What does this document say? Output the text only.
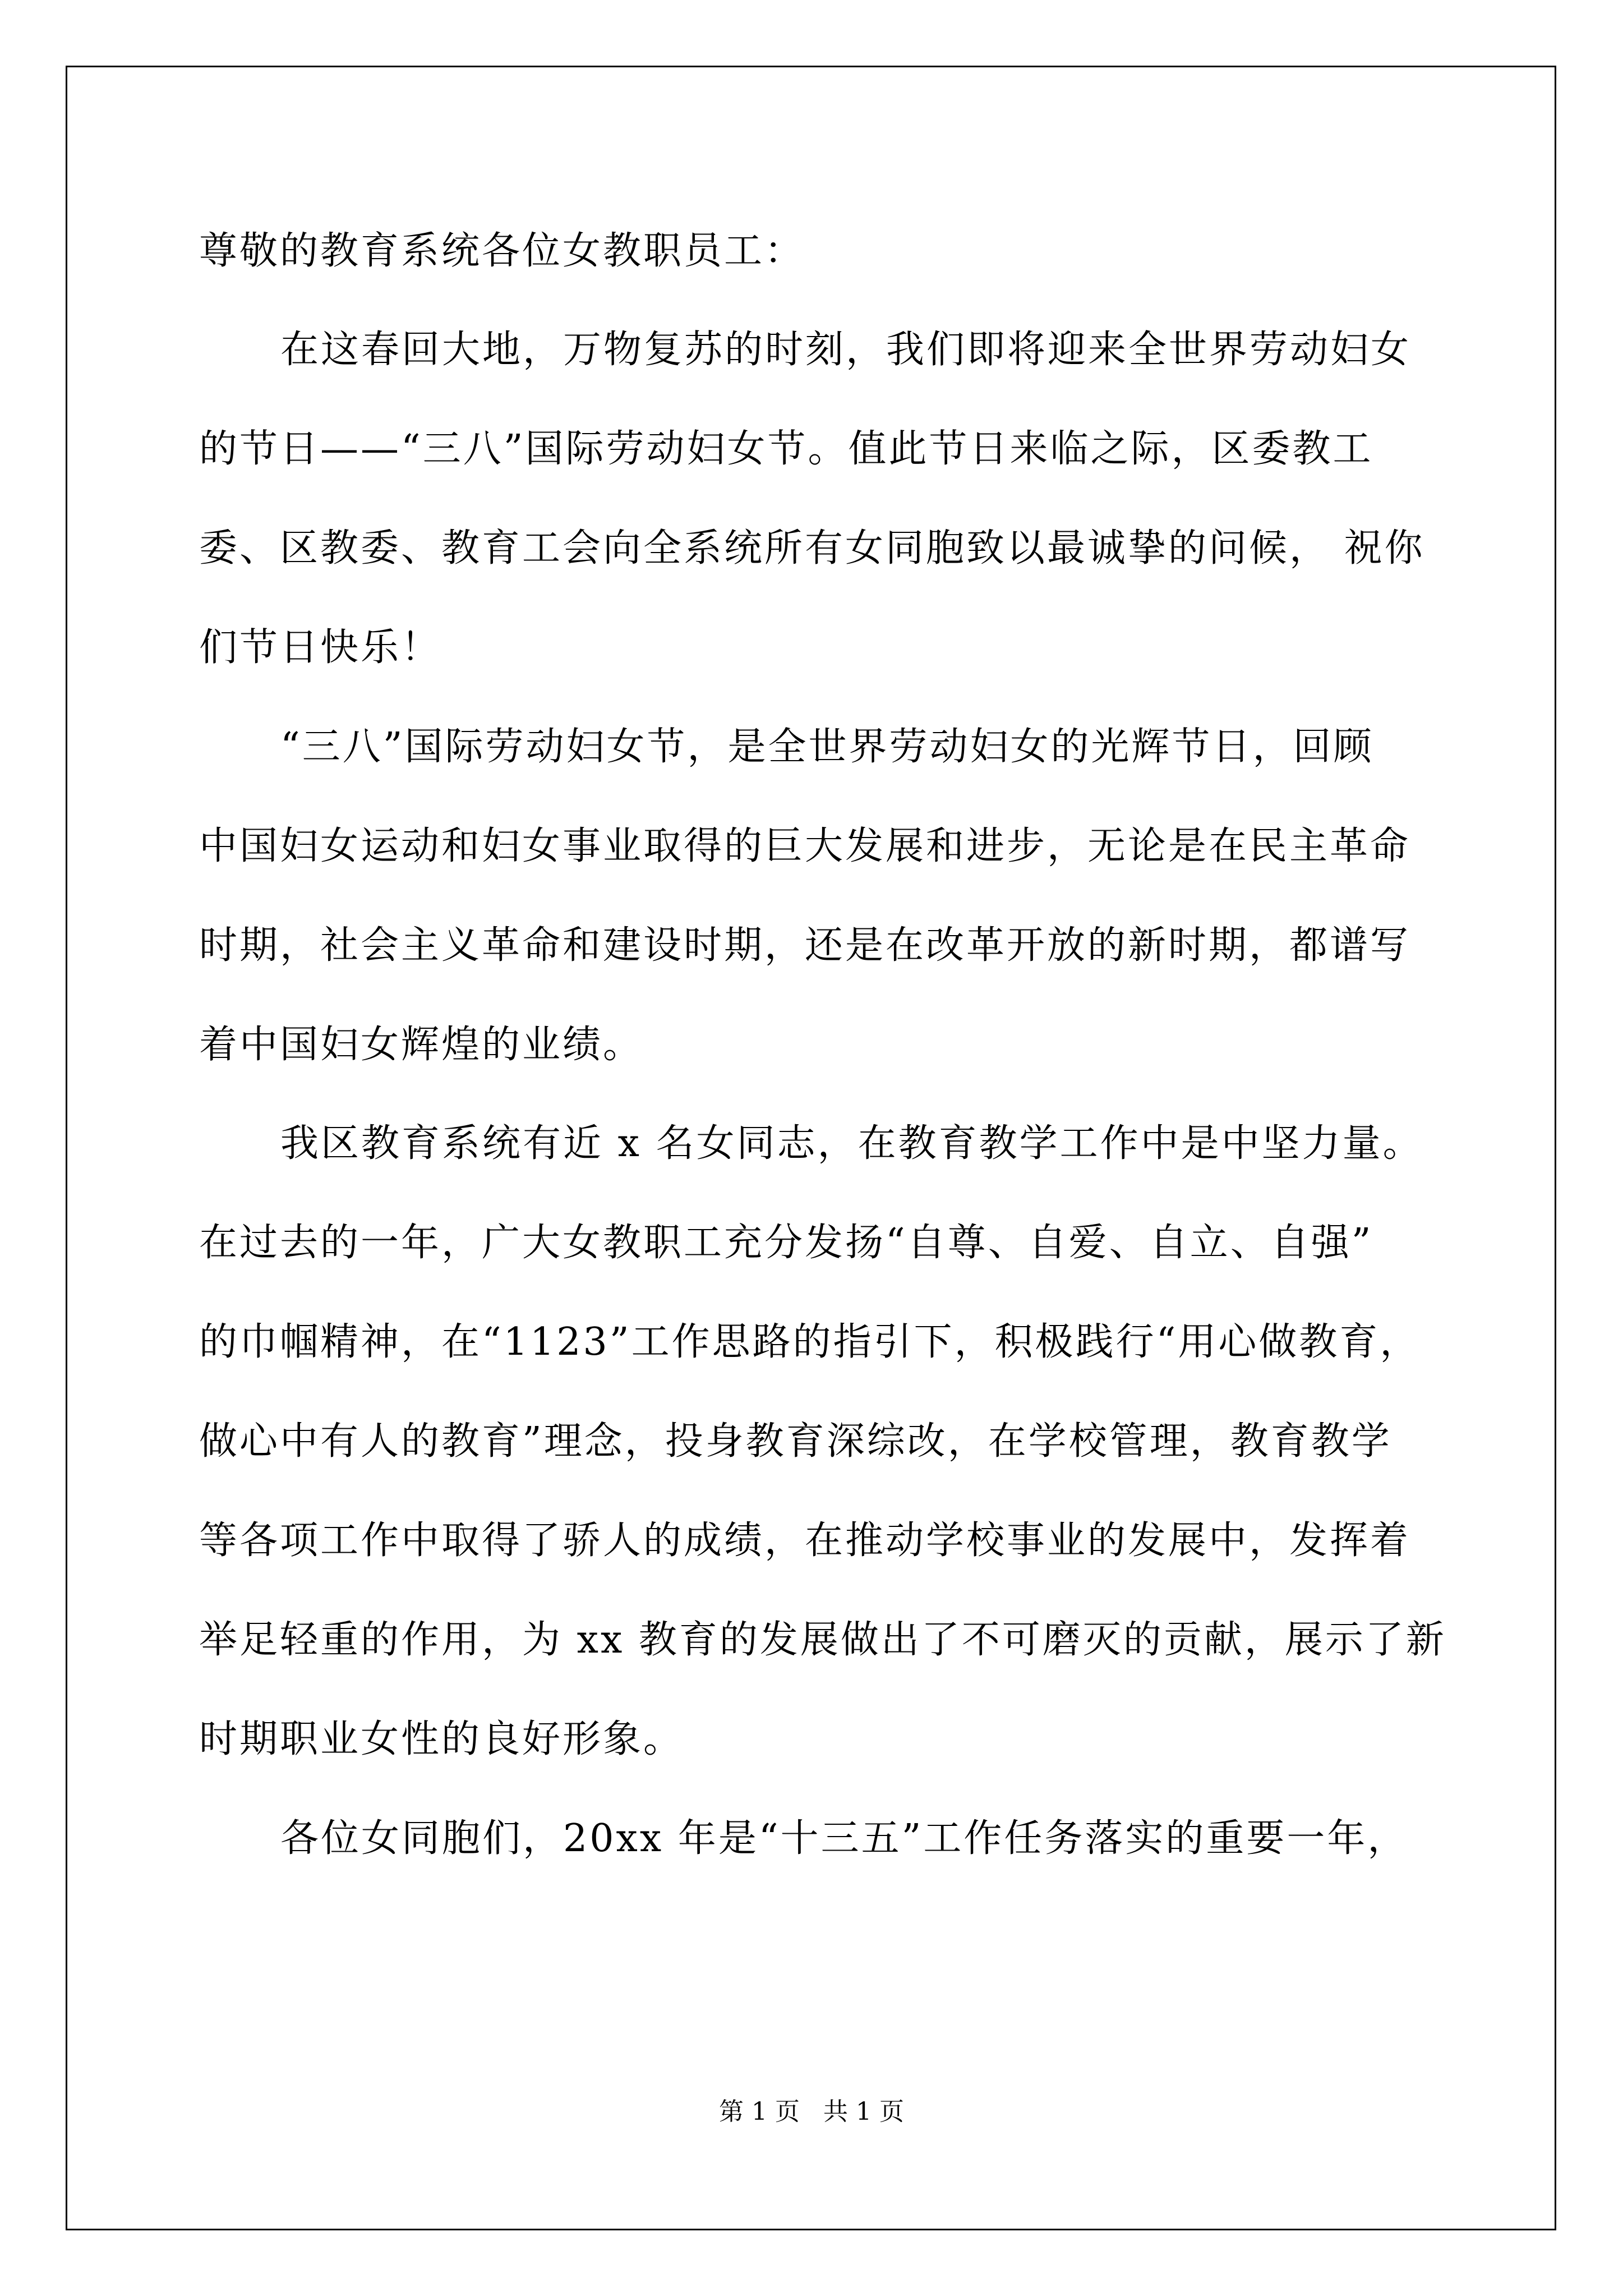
尊敬的教育系统各位女教职员工：
在这春回大地，万物复苏的时刻，我们即将迎来全世界劳动妇女
的节日——“三八”国际劳动妇女节。值此节日来临之际，区委教工
委、区教委、教育工会向全系统所有女同胞致以最诚挚的问候， 祝你
们节日快乐！
“三八”国际劳动妇女节，是全世界劳动妇女的光辉节日，回顾
中国妇女运动和妇女事业取得的巨大发展和进步，无论是在民主革命
时期，社会主义革命和建设时期，还是在改革开放的新时期，都谱写
着中国妇女辉煌的业绩。
我区教育系统有近 x 名女同志，在教育教学工作中是中坚力量。
在过去的一年，广大女教职工充分发扬“自尊、自爱、自立、自强”
的巾帼精神，在“1123”工作思路的指引下，积极践行“用心做教育，
做心中有人的教育”理念，投身教育深综改，在学校管理，教育教学
等各项工作中取得了骄人的成绩，在推动学校事业的发展中，发挥着
举足轻重的作用，为 xx 教育的发展做出了不可磨灭的贡献，展示了新
时期职业女性的良好形象。
各位女同胞们，20xx 年是“十三五”工作任务落实的重要一年，
第 1 页   共 1 页
